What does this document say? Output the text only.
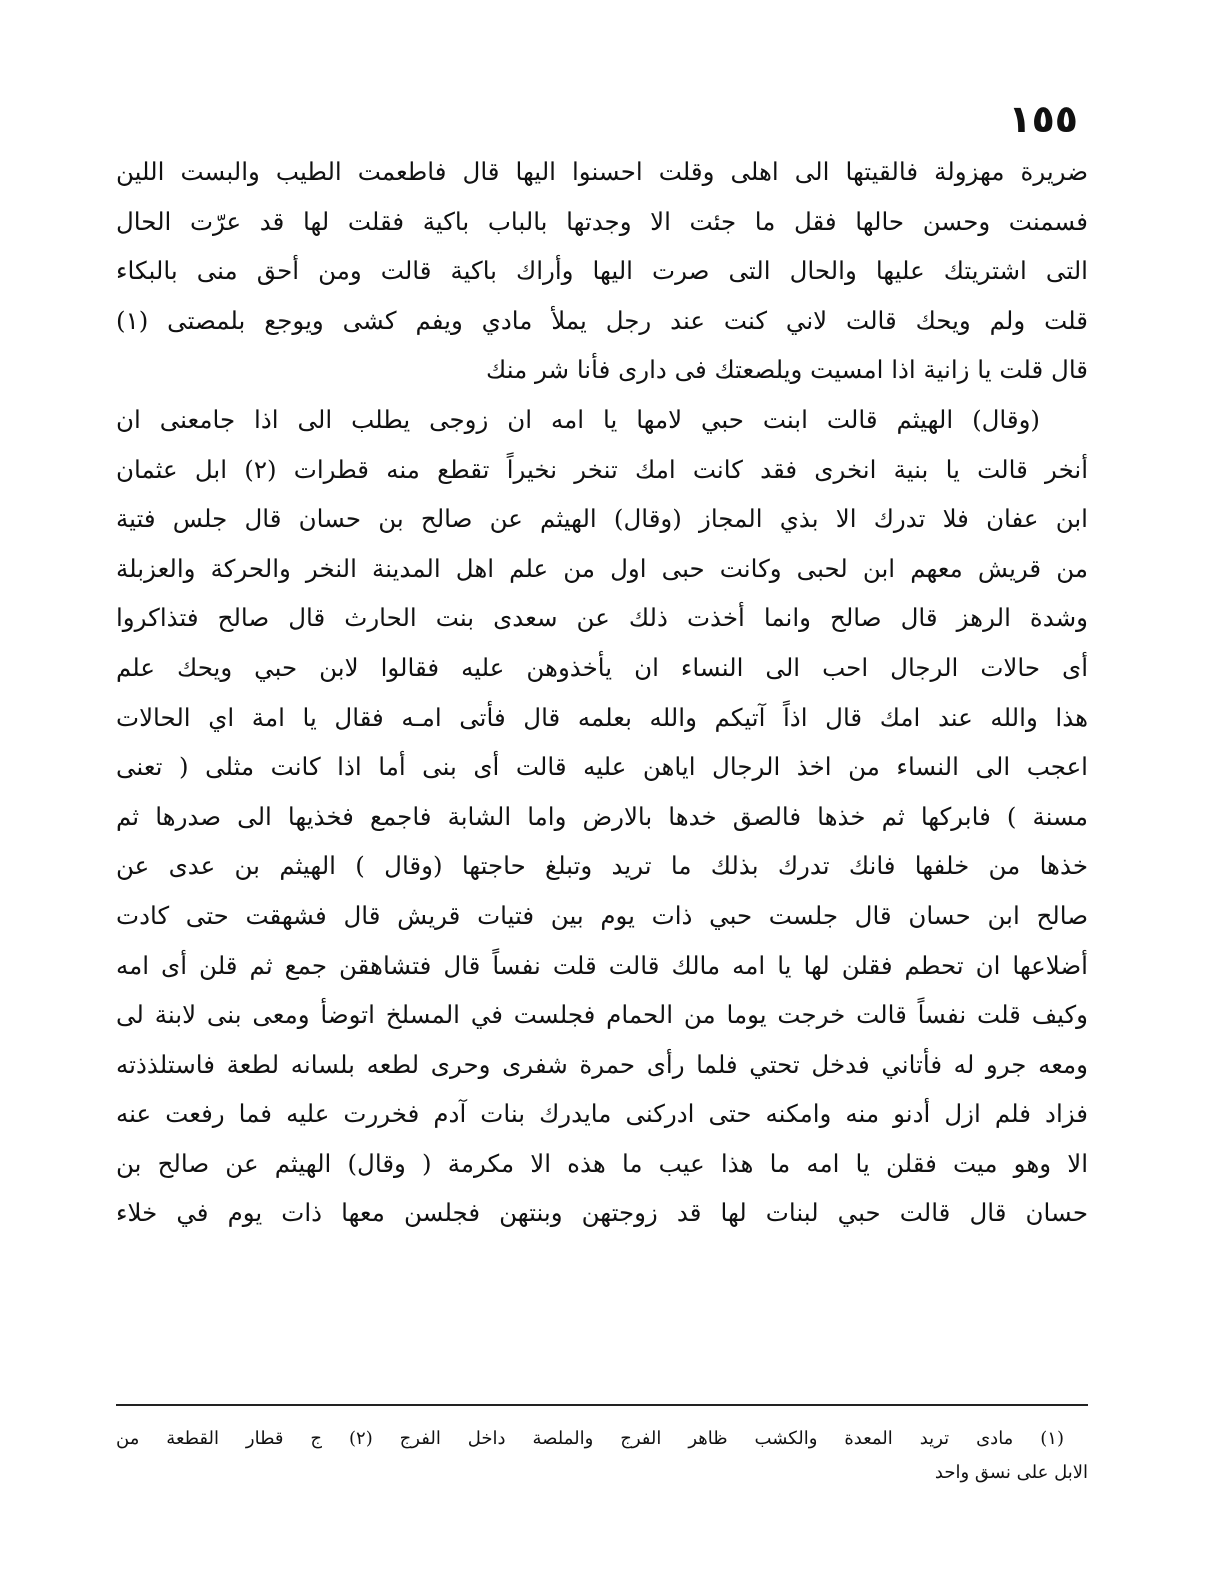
١٥٥
ضريرة مهزولة فالقيتها الى اهلى وقلت احسنوا اليها قال فاطعمت الطيب والبست اللين
فسمنت وحسن حالها فقل ما جئت الا وجدتها بالباب باكية فقلت لها قد عرّت الحال
التى اشتريتك عليها والحال التى صرت اليها وأراك باكية قالت ومن أحق منى بالبكاء
قلت ولم ويحك قالت لاني كنت عند رجل يملأ مادي ويفم كشى ويوجع بلمصتى (١)
قال قلت يا زانية اذا امسيت ويلصعتك فى دارى فأنا شر منك
(وقال) الهيثم قالت ابنت حبي لامها يا امه ان زوجى يطلب الى اذا جامعنى ان
أنخر قالت يا بنية انخرى فقد كانت امك تنخر نخيراً تقطع منه قطرات (٢) ابل عثمان
ابن عفان فلا تدرك الا بذي المجاز (وقال) الهيثم عن صالح بن حسان قال جلس فتية
من قريش معهم ابن لحبى وكانت حبى اول من علم اهل المدينة النخر والحركة والعزبلة
وشدة الرهز قال صالح وانما أخذت ذلك عن سعدى بنت الحارث قال صالح فتذاكروا
أى حالات الرجال احب الى النساء ان يأخذوهن عليه فقالوا لابن حبي ويحك علم
هذا والله عند امك قال اذاً آتيكم والله بعلمه قال فأتى امـه فقال يا امة اي الحالات
اعجب الى النساء من اخذ الرجال اياهن عليه قالت أى بنى أما اذا كانت مثلى ( تعنى
مسنة ) فابركها ثم خذها فالصق خدها بالارض واما الشابة فاجمع فخذيها الى صدرها ثم
خذها من خلفها فانك تدرك بذلك ما تريد وتبلغ حاجتها (وقال ) الهيثم بن عدى عن
صالح ابن حسان قال جلست حبي ذات يوم بين فتيات قريش قال فشهقت حتى كادت
أضلاعها ان تحطم فقلن لها يا امه مالك قالت قلت نفساً قال فتشاهقن جمع ثم قلن أى امه
وكيف قلت نفساً قالت خرجت يوما من الحمام فجلست في المسلخ اتوضأ ومعى بنى لابنة لى
ومعه جرو له فأتاني فدخل تحتي فلما رأى حمرة شفرى وحرى لطعه بلسانه لطعة فاستلذذته
فزاد فلم ازل أدنو منه وامكنه حتى ادركنى مايدرك بنات آدم فخررت عليه فما رفعت عنه
الا وهو ميت فقلن يا امه ما هذا عيب ما هذه الا مكرمة ( وقال) الهيثم عن صالح بن
حسان قال قالت حبي لبنات لها قد زوجتهن وبنتهن فجلسن معها ذات يوم في خلاء
(١) مادى تريد المعدة والكشب ظاهر الفرج والملصة داخل الفرج (٢) ج قطار القطعة من
الابل على نسق واحد
